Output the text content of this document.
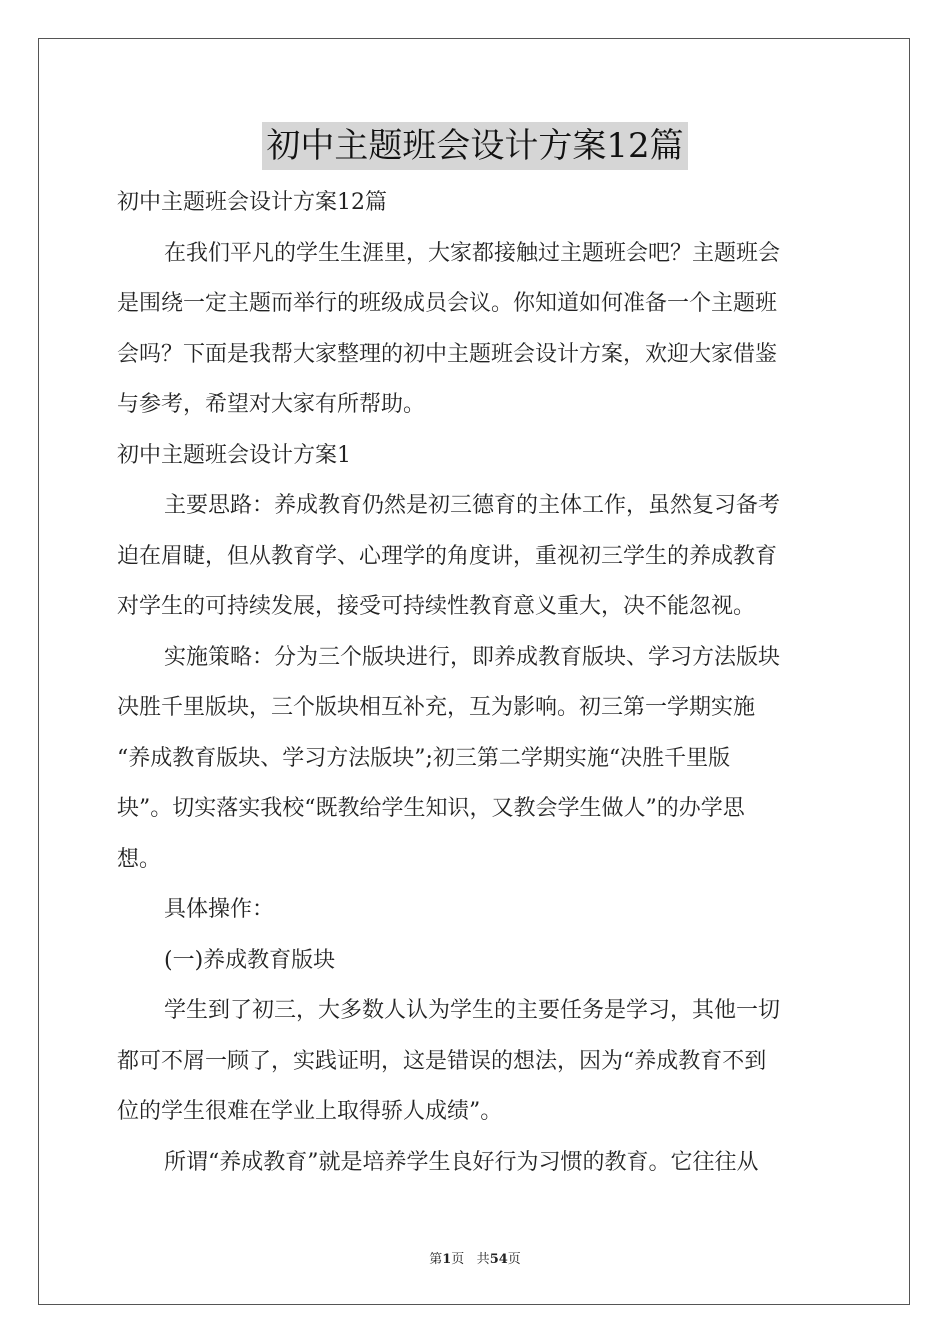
初中主题班会设计方案12篇

初中主题班会设计方案12篇

在我们平凡的学生生涯里，大家都接触过主题班会吧？主题班会

是围绕一定主题而举行的班级成员会议。你知道如何准备一个主题班

会吗？下面是我帮大家整理的初中主题班会设计方案，欢迎大家借鉴

与参考，希望对大家有所帮助。

初中主题班会设计方案1

主要思路：养成教育仍然是初三德育的主体工作，虽然复习备考

迫在眉睫，但从教育学、心理学的角度讲，重视初三学生的养成教育

对学生的可持续发展，接受可持续性教育意义重大，决不能忽视。

实施策略：分为三个版块进行，即养成教育版块、学习方法版块

决胜千里版块，三个版块相互补充，互为影响。初三第一学期实施

“养成教育版块、学习方法版块”;初三第二学期实施“决胜千里版

块”。切实落实我校“既教给学生知识，又教会学生做人”的办学思

想。

具体操作：

(一)养成教育版块

学生到了初三，大多数人认为学生的主要任务是学习，其他一切

都可不屑一顾了，实践证明，这是错误的想法，因为“养成教育不到

位的学生很难在学业上取得骄人成绩”。

所谓“养成教育”就是培养学生良好行为习惯的教育。它往往从

第1页 共54页
